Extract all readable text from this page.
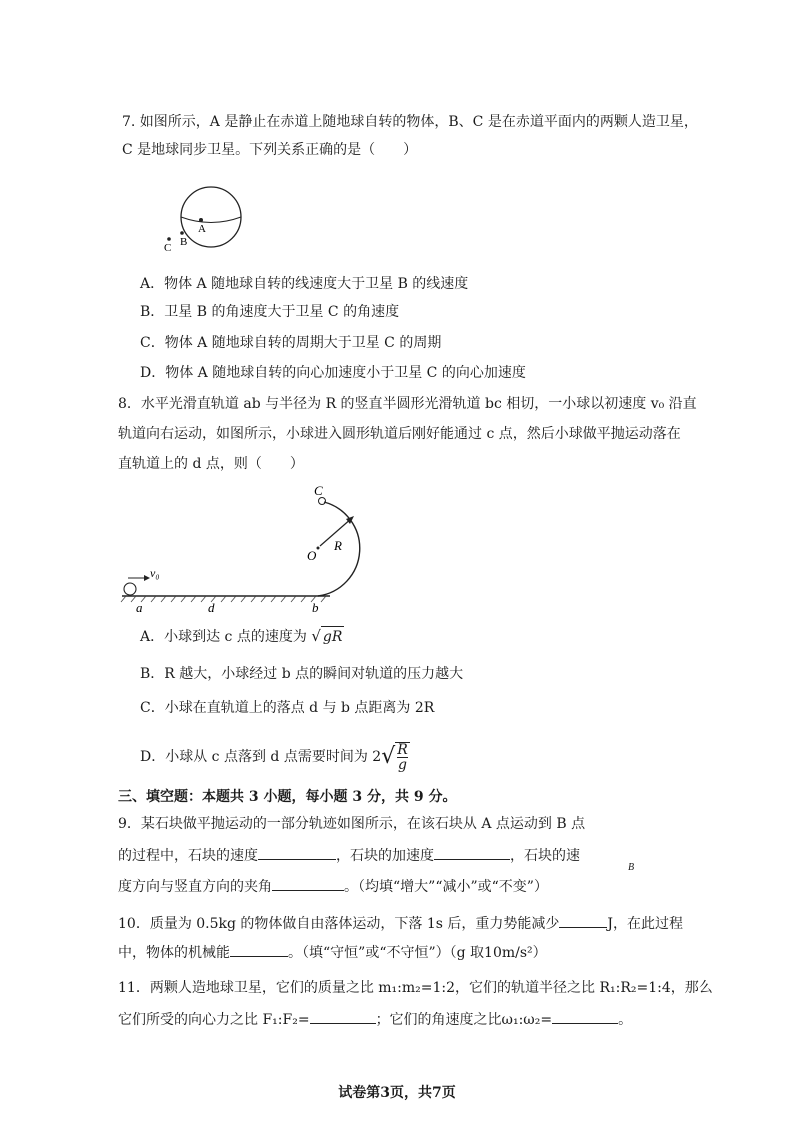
7. 如图所示，A 是静止在赤道上随地球自转的物体，B、C 是在赤道平面内的两颗人造卫星，
C 是地球同步卫星。下列关系正确的是（　　）
A
B
C
A．物体 A 随地球自转的线速度大于卫星 B 的线速度
B．卫星 B 的角速度大于卫星 C 的角速度
C．物体 A 随地球自转的周期大于卫星 C 的周期
D．物体 A 随地球自转的向心加速度小于卫星 C 的向心加速度
8．水平光滑直轨道 ab 与半径为 R 的竖直半圆形光滑轨道 bc 相切，一小球以初速度 v₀ 沿直
轨道向右运动，如图所示，小球进入圆形轨道后刚好能通过 c 点，然后小球做平抛运动落在
直轨道上的 d 点，则（　　）
C
O
R
v₀
a	d	b
A．小球到达 c 点的速度为 √ gR
B．R 越大，小球经过 b 点的瞬间对轨道的压力越大
C．小球在直轨道上的落点 d 与 b 点距离为 2R
D．小球从 c 点落到 d 点需要时间为 $2√ \frac{R}{g}$
三、填空题：本题共 3 小题，每小题 3 分，共 9 分。
9．某石块做平抛运动的一部分轨迹如图所示，在该石块从 A 点运动到 B 点
的过程中，石块的速度	，石块的加速度	，石块的速
B
度方向与竖直方向的夹角	。（均填“增大”“减小”或“不变”）
10．质量为 0.5kg 的物体做自由落体运动，下落 1s 后，重力势能减少	J，在此过程
中，物体的机械能	。（填“守恒”或“不守恒”）（g 取10m/s²）
11．两颗人造地球卫星，它们的质量之比 m₁:m₂=1:2，它们的轨道半径之比 R₁:R₂=1:4，那么
它们所受的向心力之比 F₁:F₂=	；它们的角速度之比ω₁:ω₂=	。
试卷第3页，共7页
